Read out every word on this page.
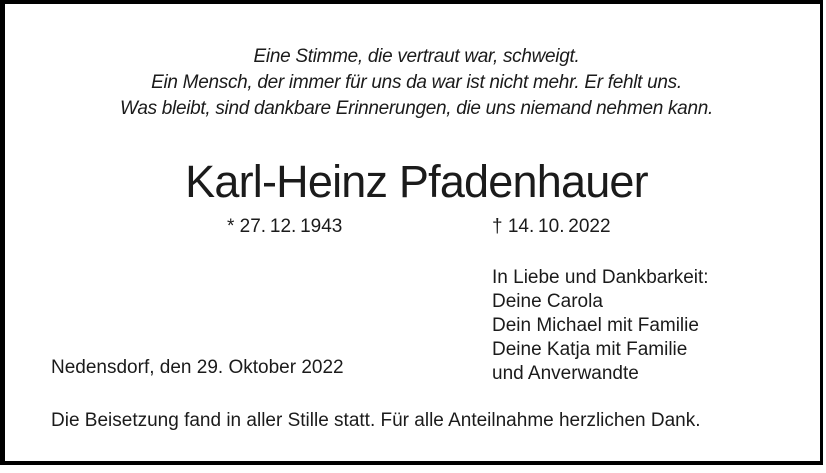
Eine Stimme, die vertraut war, schweigt.
Ein Mensch, der immer für uns da war ist nicht mehr. Er fehlt uns.
Was bleibt, sind dankbare Erinnerungen, die uns niemand nehmen kann.
Karl-Heinz Pfadenhauer
* 27. 12. 1943	† 14. 10. 2022
In Liebe und Dankbarkeit:
Deine Carola
Dein Michael mit Familie
Deine Katja mit Familie
und Anverwandte
Nedensdorf, den 29. Oktober 2022
Die Beisetzung fand in aller Stille statt. Für alle Anteilnahme herzlichen Dank.
